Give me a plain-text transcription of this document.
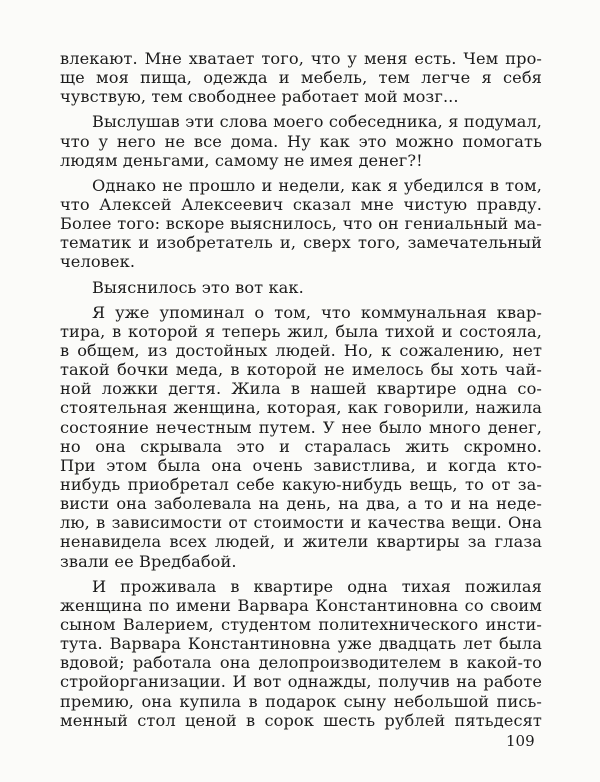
влекают. Мне хватает того, что у меня есть. Чем про-
ще моя пища, одежда и мебель, тем легче я себя
чувствую, тем свободнее работает мой мозг...
Выслушав эти слова моего собеседника, я подумал,
что у него не все дома. Ну как это можно помогать
людям деньгами, самому не имея денег?!
Однако не прошло и недели, как я убедился в том,
что Алексей Алексеевич сказал мне чистую правду.
Более того: вскоре выяснилось, что он гениальный ма-
тематик и изобретатель и, сверх того, замечательный
человек.
Выяснилось это вот как.
Я уже упоминал о том, что коммунальная квар-
тира, в которой я теперь жил, была тихой и состояла,
в общем, из достойных людей. Но, к сожалению, нет
такой бочки меда, в которой не имелось бы хоть чай-
ной ложки дегтя. Жила в нашей квартире одна со-
стоятельная женщина, которая, как говорили, нажила
состояние нечестным путем. У нее было много денег,
но она скрывала это и старалась жить скромно.
При этом была она очень завистлива, и когда кто-
нибудь приобретал себе какую-нибудь вещь, то от за-
висти она заболевала на день, на два, а то и на неде-
лю, в зависимости от стоимости и качества вещи. Она
ненавидела всех людей, и жители квартиры за глаза
звали ее Вредбабой.
И проживала в квартире одна тихая пожилая
женщина по имени Варвара Константиновна со своим
сыном Валерием, студентом политехнического инсти-
тута. Варвара Константиновна уже двадцать лет была
вдовой; работала она делопроизводителем в какой-то
стройорганизации. И вот однажды, получив на работе
премию, она купила в подарок сыну небольшой пись-
менный стол ценой в сорок шесть рублей пятьдесят
109
